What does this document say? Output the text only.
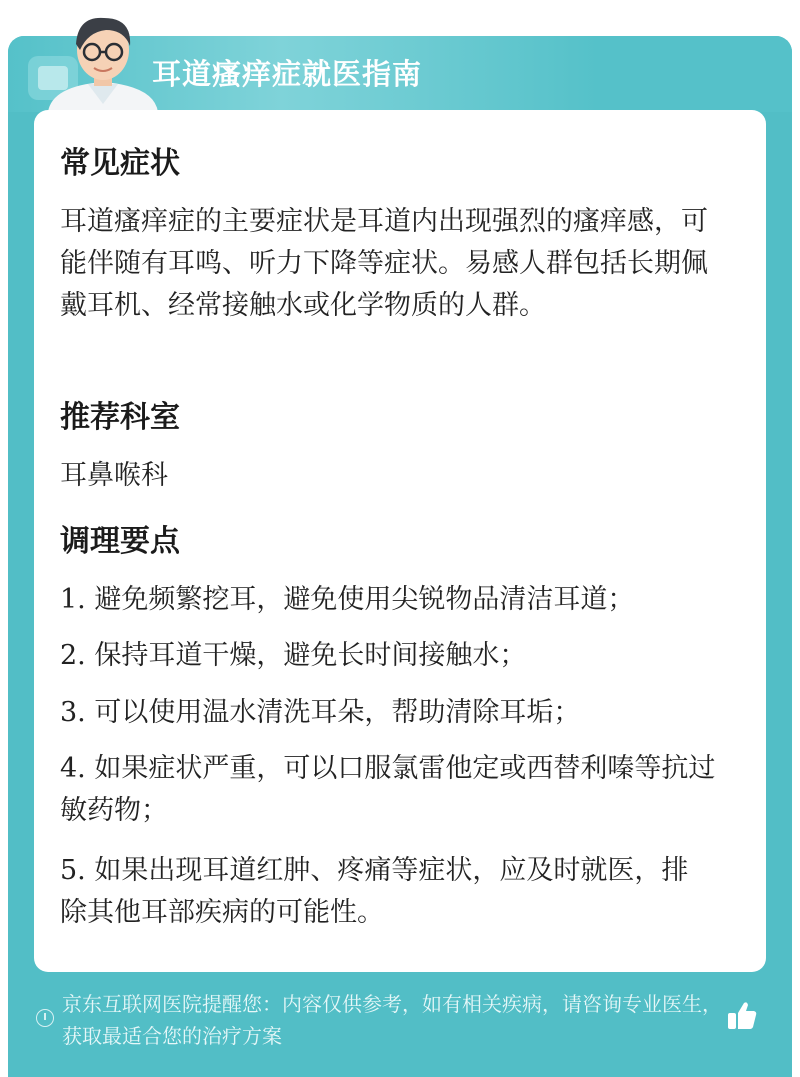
耳道瘙痒症就医指南
常见症状
耳道瘙痒症的主要症状是耳道内出现强烈的瘙痒感，可能伴随有耳鸣、听力下降等症状。易感人群包括长期佩戴耳机、经常接触水或化学物质的人群。
推荐科室
耳鼻喉科
调理要点
1. 避免频繁挖耳，避免使用尖锐物品清洁耳道；
2. 保持耳道干燥，避免长时间接触水；
3. 可以使用温水清洗耳朵，帮助清除耳垢；
4. 如果症状严重，可以口服氯雷他定或西替利嗪等抗过敏药物；
5. 如果出现耳道红肿、疼痛等症状，应及时就医，排除其他耳部疾病的可能性。
京东互联网医院提醒您：内容仅供参考，如有相关疾病，请咨询专业医生，获取最适合您的治疗方案
